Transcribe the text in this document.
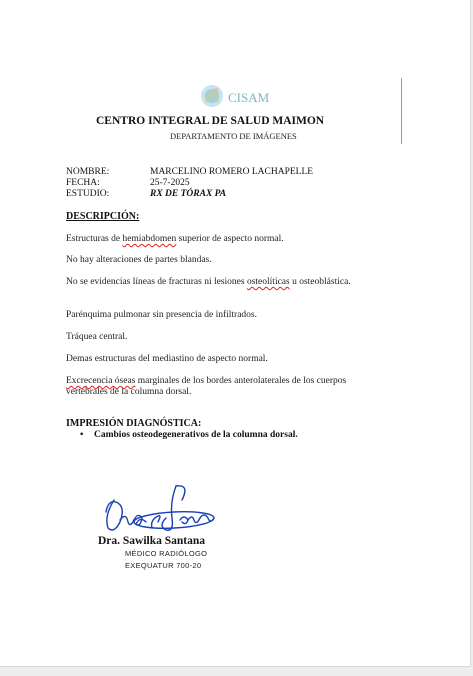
CISAM
CENTRO INTEGRAL DE SALUD MAIMON
DEPARTAMENTO DE IMÁGENES
NOMBRE:	MARCELINO ROMERO LACHAPELLE
FECHA:	25-7-2025
ESTUDIO:	RX DE TÓRAX PA
DESCRIPCIÓN:
Estructuras de hemiabdomen superior de aspecto normal.
No hay alteraciones de partes blandas.
No se evidencias líneas de fracturas ni lesiones osteolíticas u osteoblástica.
Parénquima pulmonar sin presencia de infiltrados.
Tráquea central.
Demas estructuras del mediastino de aspecto normal.
Excrecencia óseas marginales de los bordes anterolaterales de los cuerpos vertebrales de la columna dorsal.
IMPRESIÓN DIAGNÓSTICA:
• Cambios osteodegenerativos de la columna dorsal.
Dra. Sawilka Santana
MÉDICO RADIÓLOGO
EXEQUATUR 700-20
